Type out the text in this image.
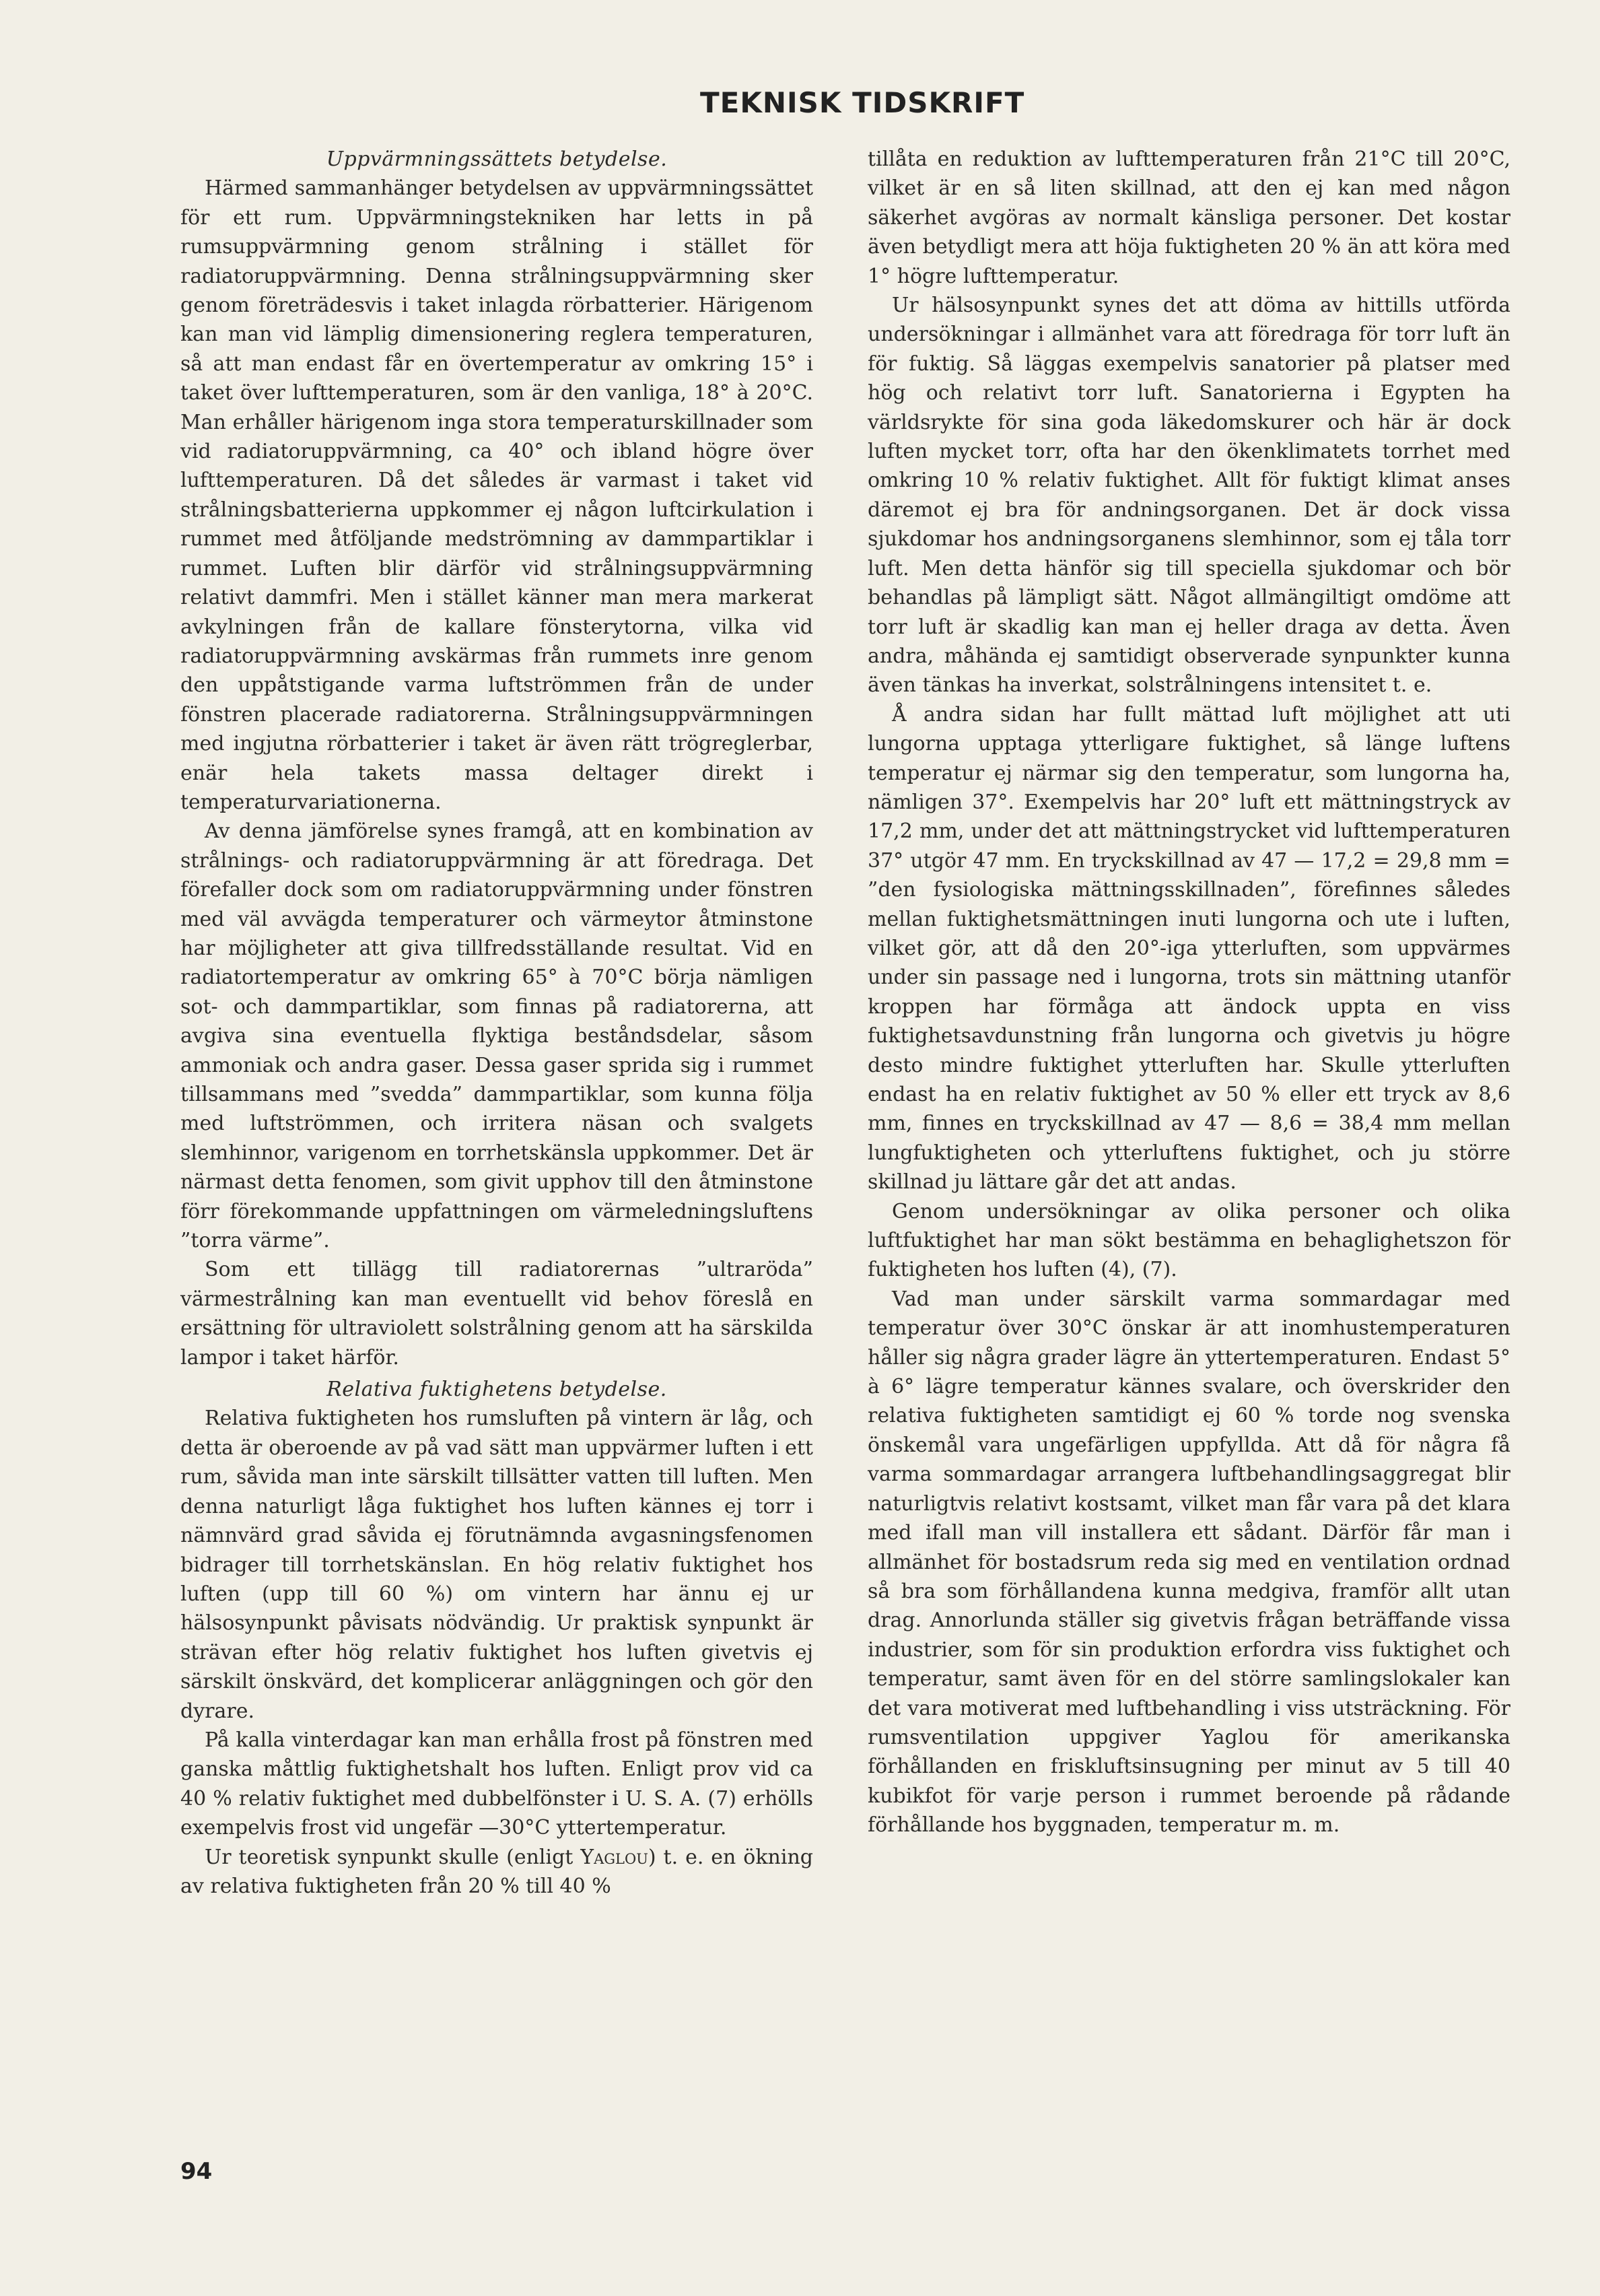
TEKNISK TIDSKRIFT
Uppvärmningssättets betydelse.

Härmed sammanhänger betydelsen av uppvärmningssättet för ett rum. Uppvärmningstekniken har letts in på rumsuppvärmning genom strålning i stället för radiatoruppvärmning. Denna strålningsuppvärmning sker genom företrädesvis i taket inlagda rörbatterier. Härigenom kan man vid lämplig dimensionering reglera temperaturen, så att man endast får en övertemperatur av omkring 15° i taket över lufttemperaturen, som är den vanliga, 18° à 20°C. Man erhåller härigenom inga stora temperaturskillnader som vid radiatoruppvärmning, ca 40° och ibland högre över lufttemperaturen. Då det således är varmast i taket vid strålningsbatterierna uppkommer ej någon luftcirkulation i rummet med åtföljande medströmning av dammpartiklar i rummet. Luften blir därför vid strålningsuppvärmning relativt dammfri. Men i stället känner man mera markerat avkylningen från de kallare fönsterytorna, vilka vid radiatoruppvärmning avskärmas från rummets inre genom den uppåtstigande varma luftströmmen från de under fönstren placerade radiatorerna. Strålningsuppvärmningen med ingjutna rörbatterier i taket är även rätt trögreglerbar, enär hela takets massa deltager direkt i temperaturvariationerna.

Av denna jämförelse synes framgå, att en kombination av strålnings- och radiatoruppvärmning är att föredraga. Det förefaller dock som om radiatoruppvärmning under fönstren med väl avvägda temperaturer och värmeytor åtminstone har möjligheter att giva tillfredsställande resultat. Vid en radiatortemperatur av omkring 65° à 70°C börja nämligen sot- och dammpartiklar, som finnas på radiatorerna, att avgiva sina eventuella flyktiga beståndsdelar, såsom ammoniak och andra gaser. Dessa gaser sprida sig i rummet tillsammans med ”svedda” dammpartiklar, som kunna följa med luftströmmen, och irritera näsan och svalgets slemhinnor, varigenom en torrhetskänsla uppkommer. Det är närmast detta fenomen, som givit upphov till den åtminstone förr förekommande uppfattningen om värmeledningsluftens ”torra värme”.

Som ett tillägg till radiatorernas ”ultraröda” värmestrålning kan man eventuellt vid behov föreslå en ersättning för ultraviolett solstrålning genom att ha särskilda lampor i taket härför.

Relativa fuktighetens betydelse.

Relativa fuktigheten hos rumsluften på vintern är låg, och detta är oberoende av på vad sätt man uppvärmer luften i ett rum, såvida man inte särskilt tillsätter vatten till luften. Men denna naturligt låga fuktighet hos luften kännes ej torr i nämnvärd grad såvida ej förutnämnda avgasningsfenomen bidrager till torrhetskänslan. En hög relativ fuktighet hos luften (upp till 60 %) om vintern har ännu ej ur hälsosynpunkt påvisats nödvändig. Ur praktisk synpunkt är strävan efter hög relativ fuktighet hos luften givetvis ej särskilt önskvärd, det komplicerar anläggningen och gör den dyrare.

På kalla vinterdagar kan man erhålla frost på fönstren med ganska måttlig fuktighetshalt hos luften. Enligt prov vid ca 40 % relativ fuktighet med dubbelfönster i U. S. A. (7) erhölls exempelvis frost vid ungefär —30°C yttertemperatur.

Ur teoretisk synpunkt skulle (enligt Yaglou) t. e. en ökning av relativa fuktigheten från 20 % till 40 %

tillåta en reduktion av lufttemperaturen från 21°C till 20°C, vilket är en så liten skillnad, att den ej kan med någon säkerhet avgöras av normalt känsliga personer. Det kostar även betydligt mera att höja fuktigheten 20 % än att köra med 1° högre lufttemperatur.

Ur hälsosynpunkt synes det att döma av hittills utförda undersökningar i allmänhet vara att föredraga för torr luft än för fuktig. Så läggas exempelvis sanatorier på platser med hög och relativt torr luft. Sanatorierna i Egypten ha världsrykte för sina goda läkedomskurer och här är dock luften mycket torr, ofta har den ökenklimatets torrhet med omkring 10 % relativ fuktighet. Allt för fuktigt klimat anses däremot ej bra för andningsorganen. Det är dock vissa sjukdomar hos andningsorganens slemhinnor, som ej tåla torr luft. Men detta hänför sig till speciella sjukdomar och bör behandlas på lämpligt sätt. Något allmängiltigt omdöme att torr luft är skadlig kan man ej heller draga av detta. Även andra, måhända ej samtidigt observerade synpunkter kunna även tänkas ha inverkat, solstrålningens intensitet t. e.

Å andra sidan har fullt mättad luft möjlighet att uti lungorna upptaga ytterligare fuktighet, så länge luftens temperatur ej närmar sig den temperatur, som lungorna ha, nämligen 37°. Exempelvis har 20° luft ett mättningstryck av 17,2 mm, under det att mättningstrycket vid lufttemperaturen 37° utgör 47 mm. En tryckskillnad av 47 — 17,2 = 29,8 mm = ”den fysiologiska mättningsskillnaden”, förefinnes således mellan fuktighetsmättningen inuti lungorna och ute i luften, vilket gör, att då den 20°-iga ytterluften, som uppvärmes under sin passage ned i lungorna, trots sin mättning utanför kroppen har förmåga att ändock uppta en viss fuktighetsavdunstning från lungorna och givetvis ju högre desto mindre fuktighet ytterluften har. Skulle ytterluften endast ha en relativ fuktighet av 50 % eller ett tryck av 8,6 mm, finnes en tryckskillnad av 47 — 8,6 = 38,4 mm mellan lungfuktigheten och ytterluftens fuktighet, och ju större skillnad ju lättare går det att andas.

Genom undersökningar av olika personer och olika luftfuktighet har man sökt bestämma en behaglighetszon för fuktigheten hos luften (4), (7).

Vad man under särskilt varma sommardagar med temperatur över 30°C önskar är att inomhustemperaturen håller sig några grader lägre än yttertemperaturen. Endast 5° à 6° lägre temperatur kännes svalare, och överskrider den relativa fuktigheten samtidigt ej 60 % torde nog svenska önskemål vara ungefärligen uppfyllda. Att då för några få varma sommardagar arrangera luftbehandlingsaggregat blir naturligtvis relativt kostsamt, vilket man får vara på det klara med ifall man vill installera ett sådant. Därför får man i allmänhet för bostadsrum reda sig med en ventilation ordnad så bra som förhållandena kunna medgiva, framför allt utan drag. Annorlunda ställer sig givetvis frågan beträffande vissa industrier, som för sin produktion erfordra viss fuktighet och temperatur, samt även för en del större samlingslokaler kan det vara motiverat med luftbehandling i viss utsträckning. För rumsventilation uppgiver Yaglou för amerikanska förhållanden en friskluftsinsugning per minut av 5 till 40 kubikfot för varje person i rummet beroende på rådande förhållande hos byggnaden, temperatur m. m.

94
